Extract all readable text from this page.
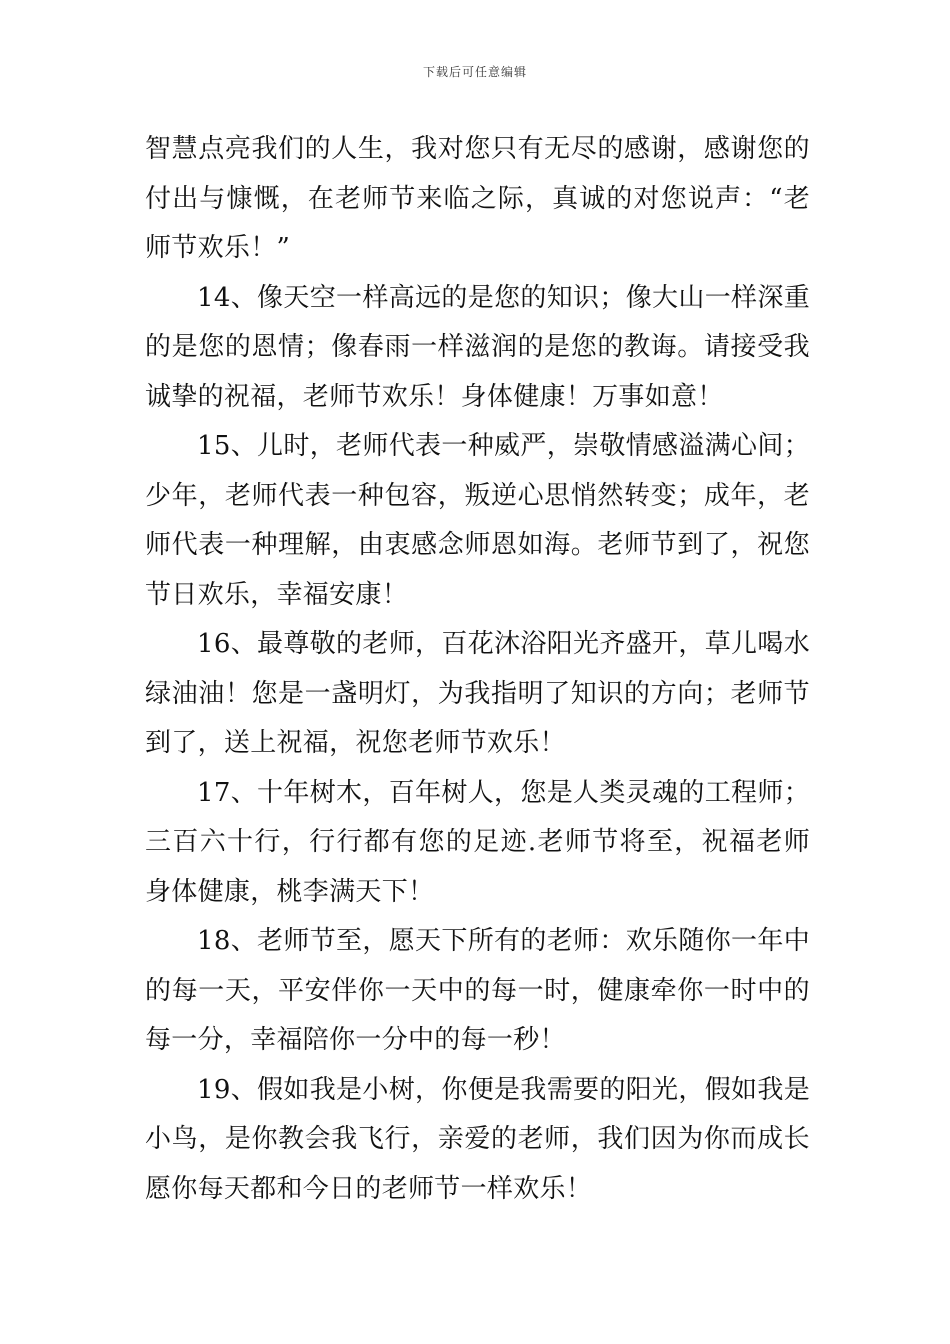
下载后可任意编辑

智慧点亮我们的人生，我对您只有无尽的感谢，感谢您的付出与慷慨，在老师节来临之际，真诚的对您说声：“老师节欢乐！”

14、像天空一样高远的是您的知识；像大山一样深重的是您的恩情；像春雨一样滋润的是您的教诲。请接受我诚挚的祝福，老师节欢乐！身体健康！万事如意！

15、儿时，老师代表一种威严，崇敬情感溢满心间；少年，老师代表一种包容，叛逆心思悄然转变；成年，老师代表一种理解，由衷感念师恩如海。老师节到了，祝您节日欢乐，幸福安康！

16、最尊敬的老师，百花沐浴阳光齐盛开，草儿喝水绿油油！您是一盏明灯，为我指明了知识的方向；老师节到了，送上祝福，祝您老师节欢乐！

17、十年树木，百年树人，您是人类灵魂的工程师；三百六十行，行行都有您的足迹.老师节将至，祝福老师身体健康，桃李满天下！

18、老师节至，愿天下所有的老师：欢乐随你一年中的每一天，平安伴你一天中的每一时，健康牵你一时中的每一分，幸福陪你一分中的每一秒！

19、假如我是小树，你便是我需要的阳光，假如我是小鸟，是你教会我飞行，亲爱的老师，我们因为你而成长愿你每天都和今日的老师节一样欢乐！
